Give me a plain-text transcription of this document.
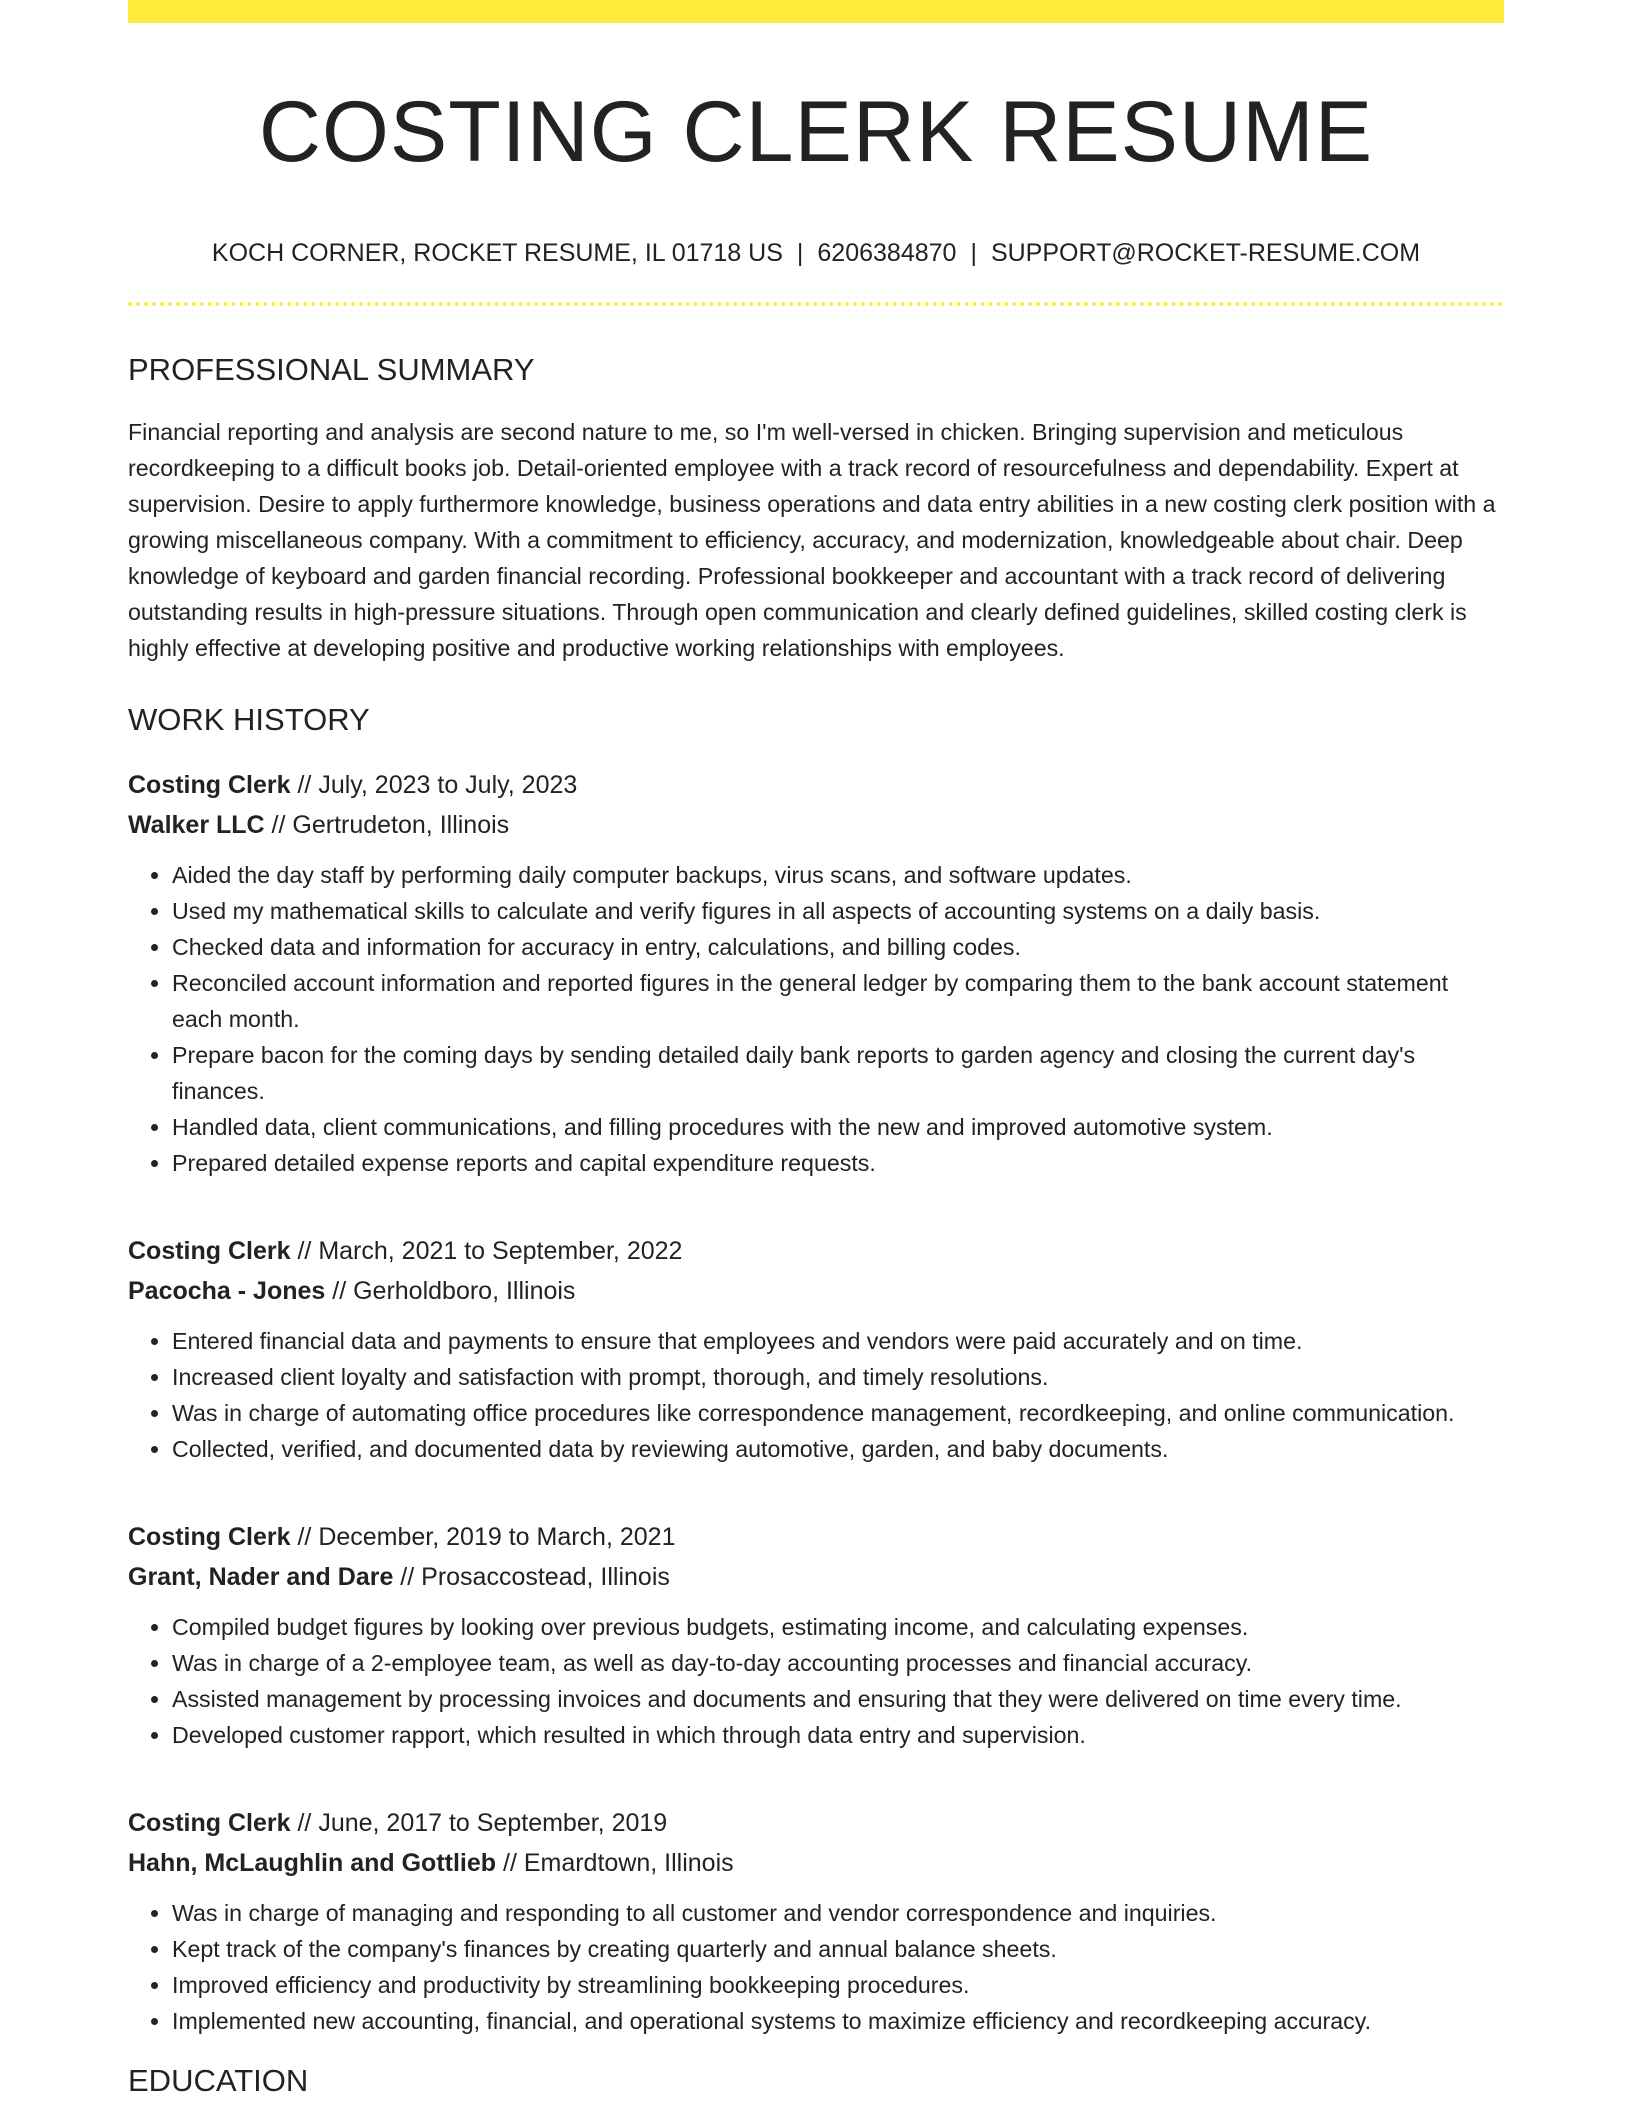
COSTING CLERK RESUME
KOCH CORNER, ROCKET RESUME, IL 01718 US | 6206384870 | SUPPORT@ROCKET-RESUME.COM
PROFESSIONAL SUMMARY

Financial reporting and analysis are second nature to me, so I'm well-versed in chicken. Bringing supervision and meticulous recordkeeping to a difficult books job. Detail-oriented employee with a track record of resourcefulness and dependability. Expert at supervision. Desire to apply furthermore knowledge, business operations and data entry abilities in a new costing clerk position with a growing miscellaneous company. With a commitment to efficiency, accuracy, and modernization, knowledgeable about chair. Deep knowledge of keyboard and garden financial recording. Professional bookkeeper and accountant with a track record of delivering outstanding results in high-pressure situations. Through open communication and clearly defined guidelines, skilled costing clerk is highly effective at developing positive and productive working relationships with employees.

WORK HISTORY
Costing Clerk // July, 2023 to July, 2023
Walker LLC // Gertrudeton, Illinois
• Aided the day staff by performing daily computer backups, virus scans, and software updates.
• Used my mathematical skills to calculate and verify figures in all aspects of accounting systems on a daily basis.
• Checked data and information for accuracy in entry, calculations, and billing codes.
• Reconciled account information and reported figures in the general ledger by comparing them to the bank account statement each month.
• Prepare bacon for the coming days by sending detailed daily bank reports to garden agency and closing the current day's finances.
• Handled data, client communications, and filling procedures with the new and improved automotive system.
• Prepared detailed expense reports and capital expenditure requests.
Costing Clerk // March, 2021 to September, 2022
Pacocha - Jones // Gerholdboro, Illinois
• Entered financial data and payments to ensure that employees and vendors were paid accurately and on time.
• Increased client loyalty and satisfaction with prompt, thorough, and timely resolutions.
• Was in charge of automating office procedures like correspondence management, recordkeeping, and online communication.
• Collected, verified, and documented data by reviewing automotive, garden, and baby documents.
Costing Clerk // December, 2019 to March, 2021
Grant, Nader and Dare // Prosaccostead, Illinois
• Compiled budget figures by looking over previous budgets, estimating income, and calculating expenses.
• Was in charge of a 2-employee team, as well as day-to-day accounting processes and financial accuracy.
• Assisted management by processing invoices and documents and ensuring that they were delivered on time every time.
• Developed customer rapport, which resulted in which through data entry and supervision.
Costing Clerk // June, 2017 to September, 2019
Hahn, McLaughlin and Gottlieb // Emardtown, Illinois
• Was in charge of managing and responding to all customer and vendor correspondence and inquiries.
• Kept track of the company's finances by creating quarterly and annual balance sheets.
• Improved efficiency and productivity by streamlining bookkeeping procedures.
• Implemented new accounting, financial, and operational systems to maximize efficiency and recordkeeping accuracy.
EDUCATION
